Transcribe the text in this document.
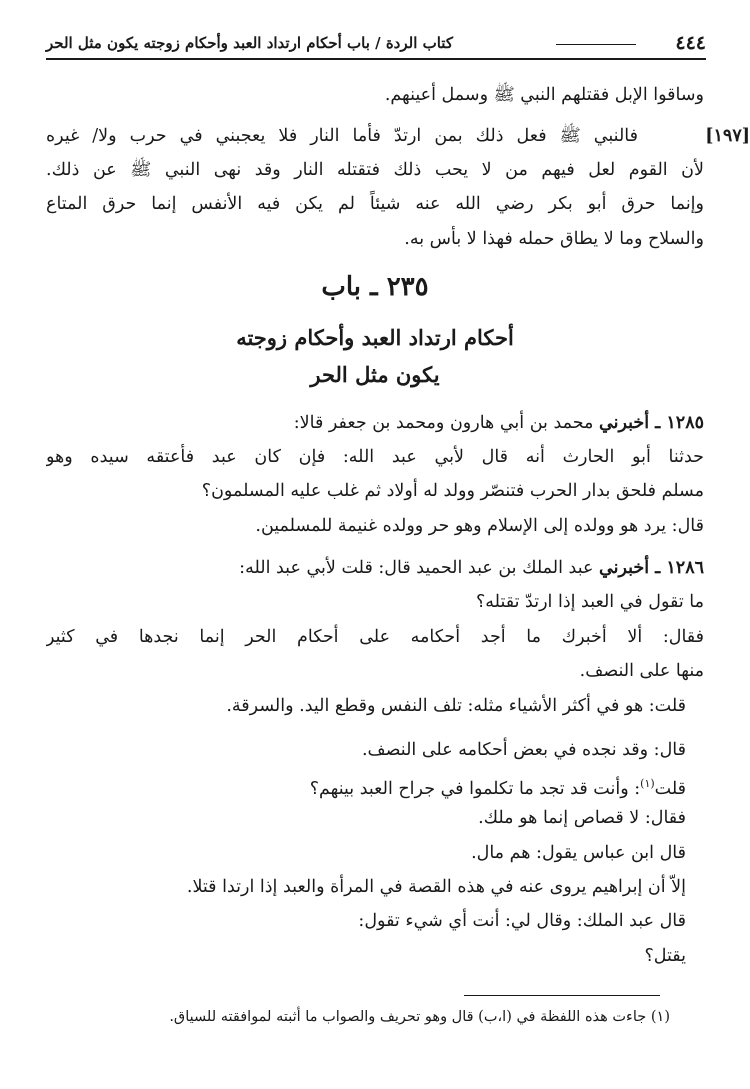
٤٤٤
كتاب الردة / باب أحكام ارتداد العبد وأحكام زوجته يكون مثل الحر
وساقوا الإبل فقتلهم النبي ﷺ وسمل أعينهم.
[١٩٧]
فالنبي ﷺ فعل ذلك بمن ارتدّ فأما النار فلا يعجبني في حرب ولا/ غيره
لأن القوم لعل فيهم من لا يحب ذلك فتقتله النار وقد نهى النبي ﷺ عن ذلك.
وإنما حرق أبو بكر رضي الله عنه شيئاً لم يكن فيه الأنفس إنما حرق المتاع
والسلاح وما لا يطاق حمله فهذا لا بأس به.
٢٣٥ ـ باب
أحكام ارتداد العبد وأحكام زوجته
يكون مثل الحر
١٢٨٥ ـ أخبرني محمد بن أبي هارون ومحمد بن جعفر قالا:
حدثنا أبو الحارث أنه قال لأبي عبد الله: فإن كان عبد فأعتقه سيده وهو
مسلم فلحق بدار الحرب فتنصّر وولد له أولاد ثم غلب عليه المسلمون؟
قال: يرد هو وولده إلى الإسلام وهو حر وولده غنيمة للمسلمين.
١٢٨٦ ـ أخبرني عبد الملك بن عبد الحميد قال: قلت لأبي عبد الله:
ما تقول في العبد إذا ارتدّ تقتله؟
فقال: ألا أخبرك ما أجد أحكامه على أحكام الحر إنما نجدها في كثير
منها على النصف.
قلت: هو في أكثر الأشياء مثله: تلف النفس وقطع اليد. والسرقة.
قال: وقد نجده في بعض أحكامه على النصف.
قلت$^{(١)}$: وأنت قد تجد ما تكلموا في جراح العبد بينهم؟
فقال: لا قصاص إنما هو ملك.
قال ابن عباس يقول: هم مال.
إلاّ أن إبراهيم يروى عنه في هذه القصة في المرأة والعبد إذا ارتدا قتلا.
قال عبد الملك: وقال لي: أنت أي شيء تقول:
يقتل؟
(١) جاءت هذه اللفظة في (ا،ب) قال وهو تحريف والصواب ما أثبته لموافقته للسياق.
